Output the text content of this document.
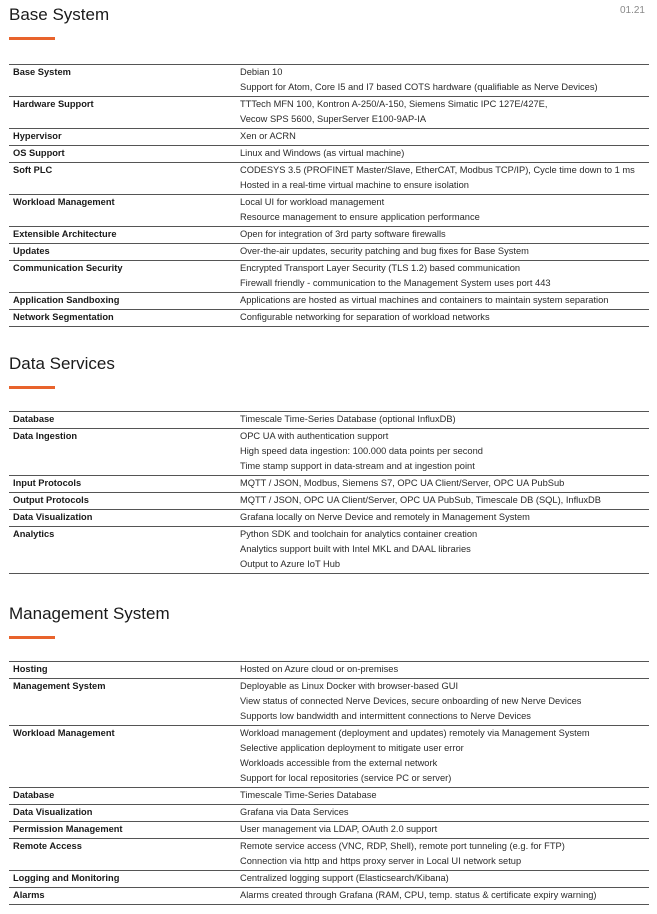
01.21
Base System
Base System	Debian 10
Support for Atom, Core I5 and I7 based COTS hardware (qualifiable as Nerve Devices)

Hardware Support	TTTech MFN 100, Kontron A-250/A-150, Siemens Simatic IPC 127E/427E,
Vecow SPS 5600, SuperServer E100-9AP-IA

Hypervisor	Xen or ACRN

OS Support	Linux and Windows (as virtual machine)

Soft PLC	CODESYS 3.5 (PROFINET Master/Slave, EtherCAT, Modbus TCP/IP), Cycle time down to 1 ms
Hosted in a real-time virtual machine to ensure isolation

Workload Management	Local UI for workload management
Resource management to ensure application performance

Extensible Architecture	Open for integration of 3rd party software firewalls

Updates	Over-the-air updates, security patching and bug fixes for Base System

Communication Security	Encrypted Transport Layer Security (TLS 1.2) based communication
Firewall friendly - communication to the Management System uses port 443

Application Sandboxing	Applications are hosted as virtual machines and containers to maintain system separation

Network Segmentation	Configurable networking for separation of workload networks
Data Services
Database	Timescale Time-Series Database (optional InfluxDB)

Data Ingestion	OPC UA with authentication support
High speed data ingestion: 100.000 data points per second
Time stamp support in data-stream and at ingestion point

Input Protocols	MQTT / JSON, Modbus, Siemens S7, OPC UA Client/Server, OPC UA PubSub

Output Protocols	MQTT / JSON, OPC UA Client/Server, OPC UA PubSub, Timescale DB (SQL), InfluxDB

Data Visualization	Grafana locally on Nerve Device and remotely in Management System

Analytics	Python SDK and toolchain for analytics container creation
Analytics support built with Intel MKL and DAAL libraries
Output to Azure IoT Hub
Management System
Hosting	Hosted on Azure cloud or on-premises

Management System	Deployable as Linux Docker with browser-based GUI
View status of connected Nerve Devices, secure onboarding of new Nerve Devices
Supports low bandwidth and intermittent connections to Nerve Devices

Workload Management	Workload management (deployment and updates) remotely via Management System
Selective application deployment to mitigate user error
Workloads accessible from the external network
Support for local repositories (service PC or server)

Database	Timescale Time-Series Database

Data Visualization	Grafana via Data Services

Permission Management	User management via LDAP, OAuth 2.0 support

Remote Access	Remote service access (VNC, RDP, Shell), remote port tunneling (e.g. for FTP)
Connection via http and https proxy server in Local UI network setup

Logging and Monitoring	Centralized logging support (Elasticsearch/Kibana)

Alarms	Alarms created through Grafana (RAM, CPU, temp. status & certificate expiry warning)
